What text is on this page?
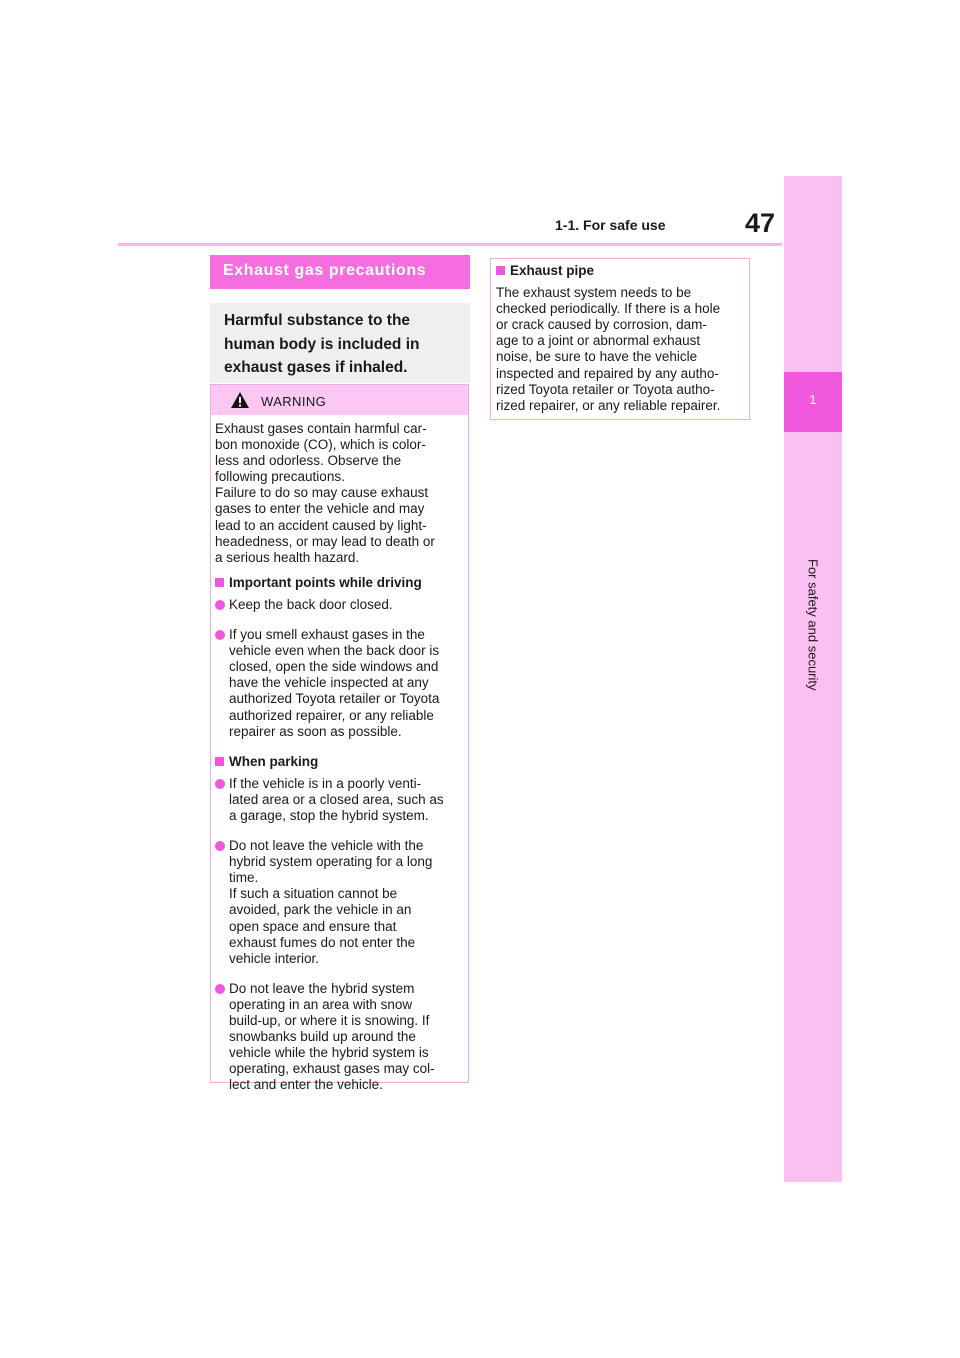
1-1. For safe use	47
1
For safety and security
Exhaust gas precautions
Harmful substance to the
human body is included in
exhaust gases if inhaled.
WARNING
Exhaust gases contain harmful car-
bon monoxide (CO), which is color-
less and odorless. Observe the
following precautions.
Failure to do so may cause exhaust
gases to enter the vehicle and may
lead to an accident caused by light-
headedness, or may lead to death or
a serious health hazard.
Important points while driving
Keep the back door closed.
If you smell exhaust gases in the
vehicle even when the back door is
closed, open the side windows and
have the vehicle inspected at any
authorized Toyota retailer or Toyota
authorized repairer, or any reliable
repairer as soon as possible.
When parking
If the vehicle is in a poorly venti-
lated area or a closed area, such as
a garage, stop the hybrid system.
Do not leave the vehicle with the
hybrid system operating for a long
time.
If such a situation cannot be
avoided, park the vehicle in an
open space and ensure that
exhaust fumes do not enter the
vehicle interior.
Do not leave the hybrid system
operating in an area with snow
build-up, or where it is snowing. If
snowbanks build up around the
vehicle while the hybrid system is
operating, exhaust gases may col-
lect and enter the vehicle.
Exhaust pipe
The exhaust system needs to be
checked periodically. If there is a hole
or crack caused by corrosion, dam-
age to a joint or abnormal exhaust
noise, be sure to have the vehicle
inspected and repaired by any autho-
rized Toyota retailer or Toyota autho-
rized repairer, or any reliable repairer.
